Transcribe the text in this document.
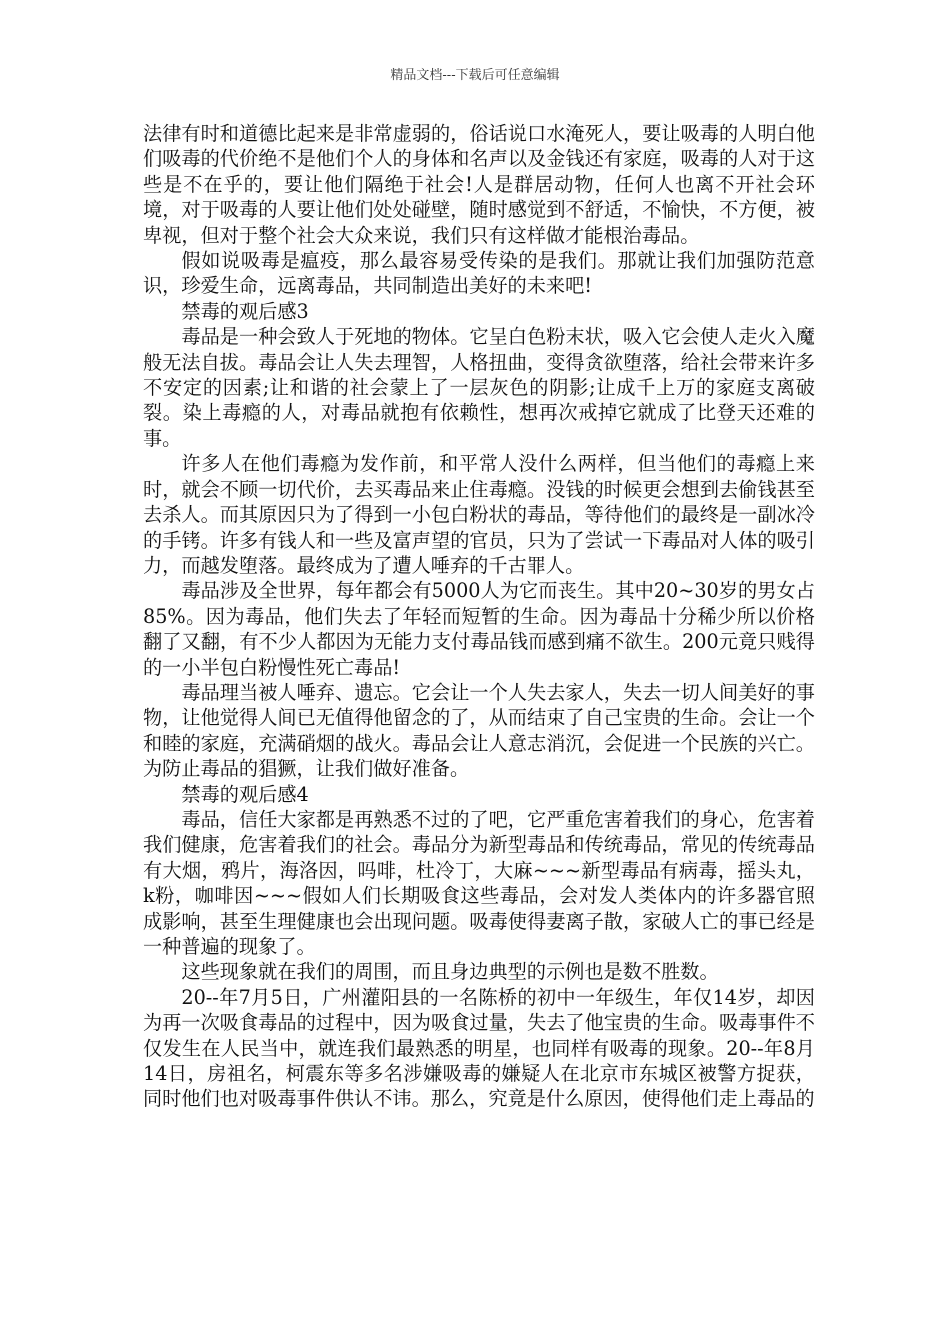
精品文档---下载后可任意编辑

法律有时和道德比起来是非常虚弱的，俗话说口水淹死人，要让吸毒的人明白他们吸毒的代价绝不是他们个人的身体和名声以及金钱还有家庭，吸毒的人对于这些是不在乎的，要让他们隔绝于社会!人是群居动物，任何人也离不开社会环境，对于吸毒的人要让他们处处碰壁，随时感觉到不舒适，不愉快，不方便，被卑视，但对于整个社会大众来说，我们只有这样做才能根治毒品。

假如说吸毒是瘟疫，那么最容易受传染的是我们。那就让我们加强防范意识，珍爱生命，远离毒品，共同制造出美好的未来吧!

禁毒的观后感3

毒品是一种会致人于死地的物体。它呈白色粉末状，吸入它会使人走火入魔般无法自拔。毒品会让人失去理智，人格扭曲，变得贪欲堕落，给社会带来许多不安定的因素;让和谐的社会蒙上了一层灰色的阴影;让成千上万的家庭支离破裂。染上毒瘾的人，对毒品就抱有依赖性，想再次戒掉它就成了比登天还难的事。

许多人在他们毒瘾为发作前，和平常人没什么两样，但当他们的毒瘾上来时，就会不顾一切代价，去买毒品来止住毒瘾。没钱的时候更会想到去偷钱甚至去杀人。而其原因只为了得到一小包白粉状的毒品，等待他们的最终是一副冰冷的手铐。许多有钱人和一些及富声望的官员，只为了尝试一下毒品对人体的吸引力，而越发堕落。最终成为了遭人唾弃的千古罪人。

毒品涉及全世界，每年都会有5000人为它而丧生。其中20~30岁的男女占85%。因为毒品，他们失去了年轻而短暂的生命。因为毒品十分稀少所以价格翻了又翻，有不少人都因为无能力支付毒品钱而感到痛不欲生。200元竟只贱得的一小半包白粉慢性死亡毒品!

毒品理当被人唾弃、遗忘。它会让一个人失去家人，失去一切人间美好的事物，让他觉得人间已无值得他留念的了，从而结束了自己宝贵的生命。会让一个和睦的家庭，充满硝烟的战火。毒品会让人意志消沉，会促进一个民族的兴亡。为防止毒品的猖獗，让我们做好准备。

禁毒的观后感4

毒品，信任大家都是再熟悉不过的了吧，它严重危害着我们的身心，危害着我们健康，危害着我们的社会。毒品分为新型毒品和传统毒品，常见的传统毒品有大烟，鸦片，海洛因，吗啡，杜冷丁，大麻~~~新型毒品有病毒，摇头丸，k粉，咖啡因~~~假如人们长期吸食这些毒品，会对发人类体内的许多器官照成影响，甚至生理健康也会出现问题。吸毒使得妻离子散，家破人亡的事已经是一种普遍的现象了。

这些现象就在我们的周围，而且身边典型的示例也是数不胜数。

20--年7月5日，广州灌阳县的一名陈桥的初中一年级生，年仅14岁，却因为再一次吸食毒品的过程中，因为吸食过量，失去了他宝贵的生命。吸毒事件不仅发生在人民当中，就连我们最熟悉的明星，也同样有吸毒的现象。20--年8月14日，房祖名，柯震东等多名涉嫌吸毒的嫌疑人在北京市东城区被警方捉获，同时他们也对吸毒事件供认不讳。那么，究竟是什么原因，使得他们走上毒品的
